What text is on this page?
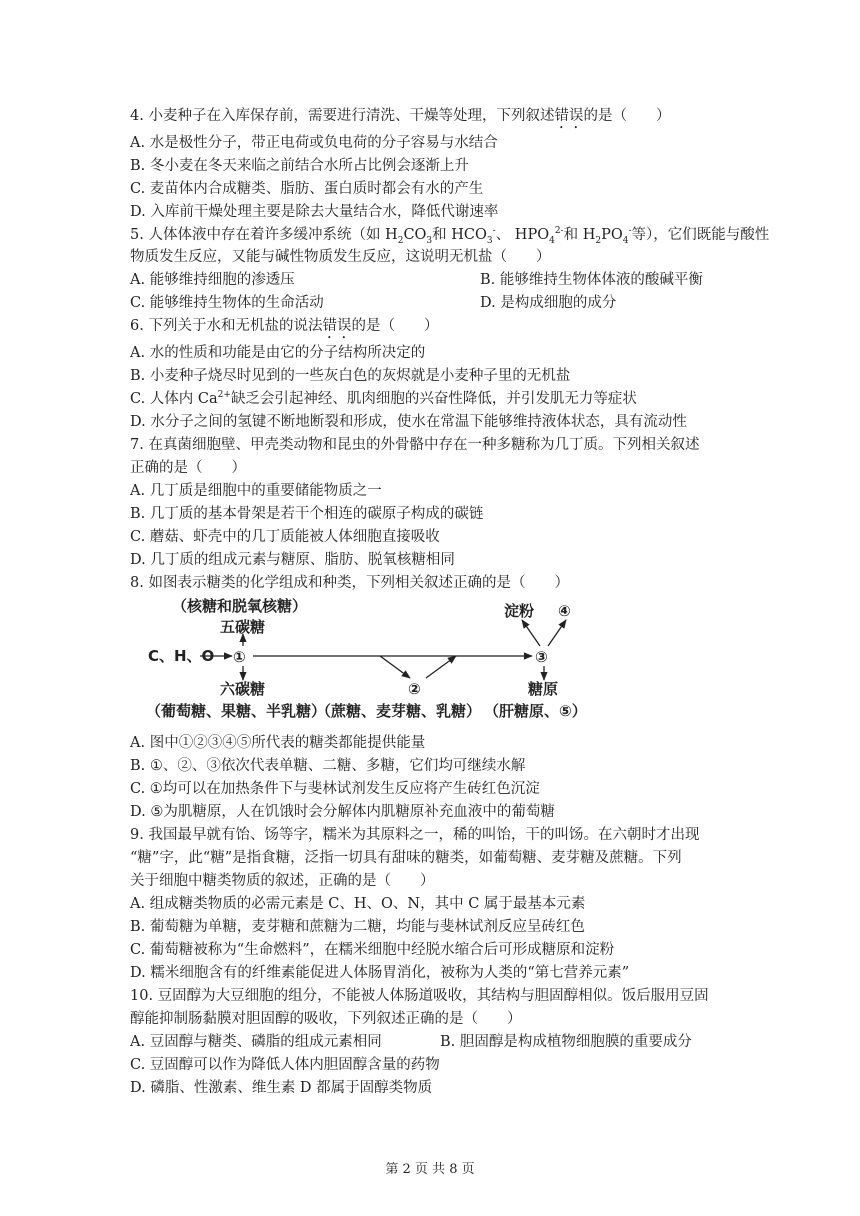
4. 小麦种子在入库保存前，需要进行清洗、干燥等处理，下列叙述错误的是（　　）
A. 水是极性分子，带正电荷或负电荷的分子容易与水结合
B. 冬小麦在冬天来临之前结合水所占比例会逐渐上升
C. 麦苗体内合成糖类、脂肪、蛋白质时都会有水的产生
D. 入库前干燥处理主要是除去大量结合水，降低代谢速率
5. 人体体液中存在着许多缓冲系统（如 $H_2CO_3$和 $HCO_3^-$、 $HPO_4^{2-}$和 $H_2PO_4^-$等），它们既能与酸性
物质发生反应，又能与碱性物质发生反应，这说明无机盐（　　）
A. 能够维持细胞的渗透压	B. 能够维持生物体体液的酸碱平衡
C. 能够维持生物体的生命活动	D. 是构成细胞的成分
6. 下列关于水和无机盐的说法错误的是（　　）
A. 水的性质和功能是由它的分子结构所决定的
B. 小麦种子烧尽时见到的一些灰白色的灰烬就是小麦种子里的无机盐
C. 人体内 $Ca^{2+}$缺乏会引起神经、肌肉细胞的兴奋性降低，并引发肌无力等症状
D. 水分子之间的氢键不断地断裂和形成，使水在常温下能够维持液体状态，具有流动性
7. 在真菌细胞壁、甲壳类动物和昆虫的外骨骼中存在一种多糖称为几丁质。下列相关叙述
正确的是（　　）
A. 几丁质是细胞中的重要储能物质之一
B. 几丁质的基本骨架是若干个相连的碳原子构成的碳链
C. 蘑菇、虾壳中的几丁质能被人体细胞直接吸收
D. 几丁质的组成元素与糖原、脂肪、脱氧核糖相同
8. 如图表示糖类的化学组成和种类，下列相关叙述正确的是（　　）
（核糖和脱氧核糖）
五碳糖
C、H、O ①
②
③
淀粉 ④
六碳糖	糖原
（葡萄糖、果糖、半乳糖）
（蔗糖、麦芽糖、乳糖） （肝糖原、⑤）
A. 图中①②③④⑤所代表的糖类都能提供能量
B. ①、②、③依次代表单糖、二糖、多糖，它们均可继续水解
C. ①均可以在加热条件下与斐林试剂发生反应将产生砖红色沉淀
D. ⑤为肌糖原，人在饥饿时会分解体内肌糖原补充血液中的葡萄糖
9. 我国最早就有饴、饧等字，糯米为其原料之一，稀的叫饴，干的叫饧。在六朝时才出现
“糖”字，此“糖”是指食糖，泛指一切具有甜味的糖类，如葡萄糖、麦芽糖及蔗糖。下列
关于细胞中糖类物质的叙述，正确的是（　　）
A. 组成糖类物质的必需元素是 C、H、O、N，其中 C 属于最基本元素
B. 葡萄糖为单糖，麦芽糖和蔗糖为二糖，均能与斐林试剂反应呈砖红色
C. 葡萄糖被称为“生命燃料”，在糯米细胞中经脱水缩合后可形成糖原和淀粉
D. 糯米细胞含有的纤维素能促进人体肠胃消化，被称为人类的“第七营养元素”
10. 豆固醇为大豆细胞的组分，不能被人体肠道吸收，其结构与胆固醇相似。饭后服用豆固
醇能抑制肠黏膜对胆固醇的吸收，下列叙述正确的是（　　）
A. 豆固醇与糖类、磷脂的组成元素相同	B. 胆固醇是构成植物细胞膜的重要成分
C. 豆固醇可以作为降低人体内胆固醇含量的药物
D. 磷脂、性激素、维生素 D 都属于固醇类物质
第 2 页 共 8 页
